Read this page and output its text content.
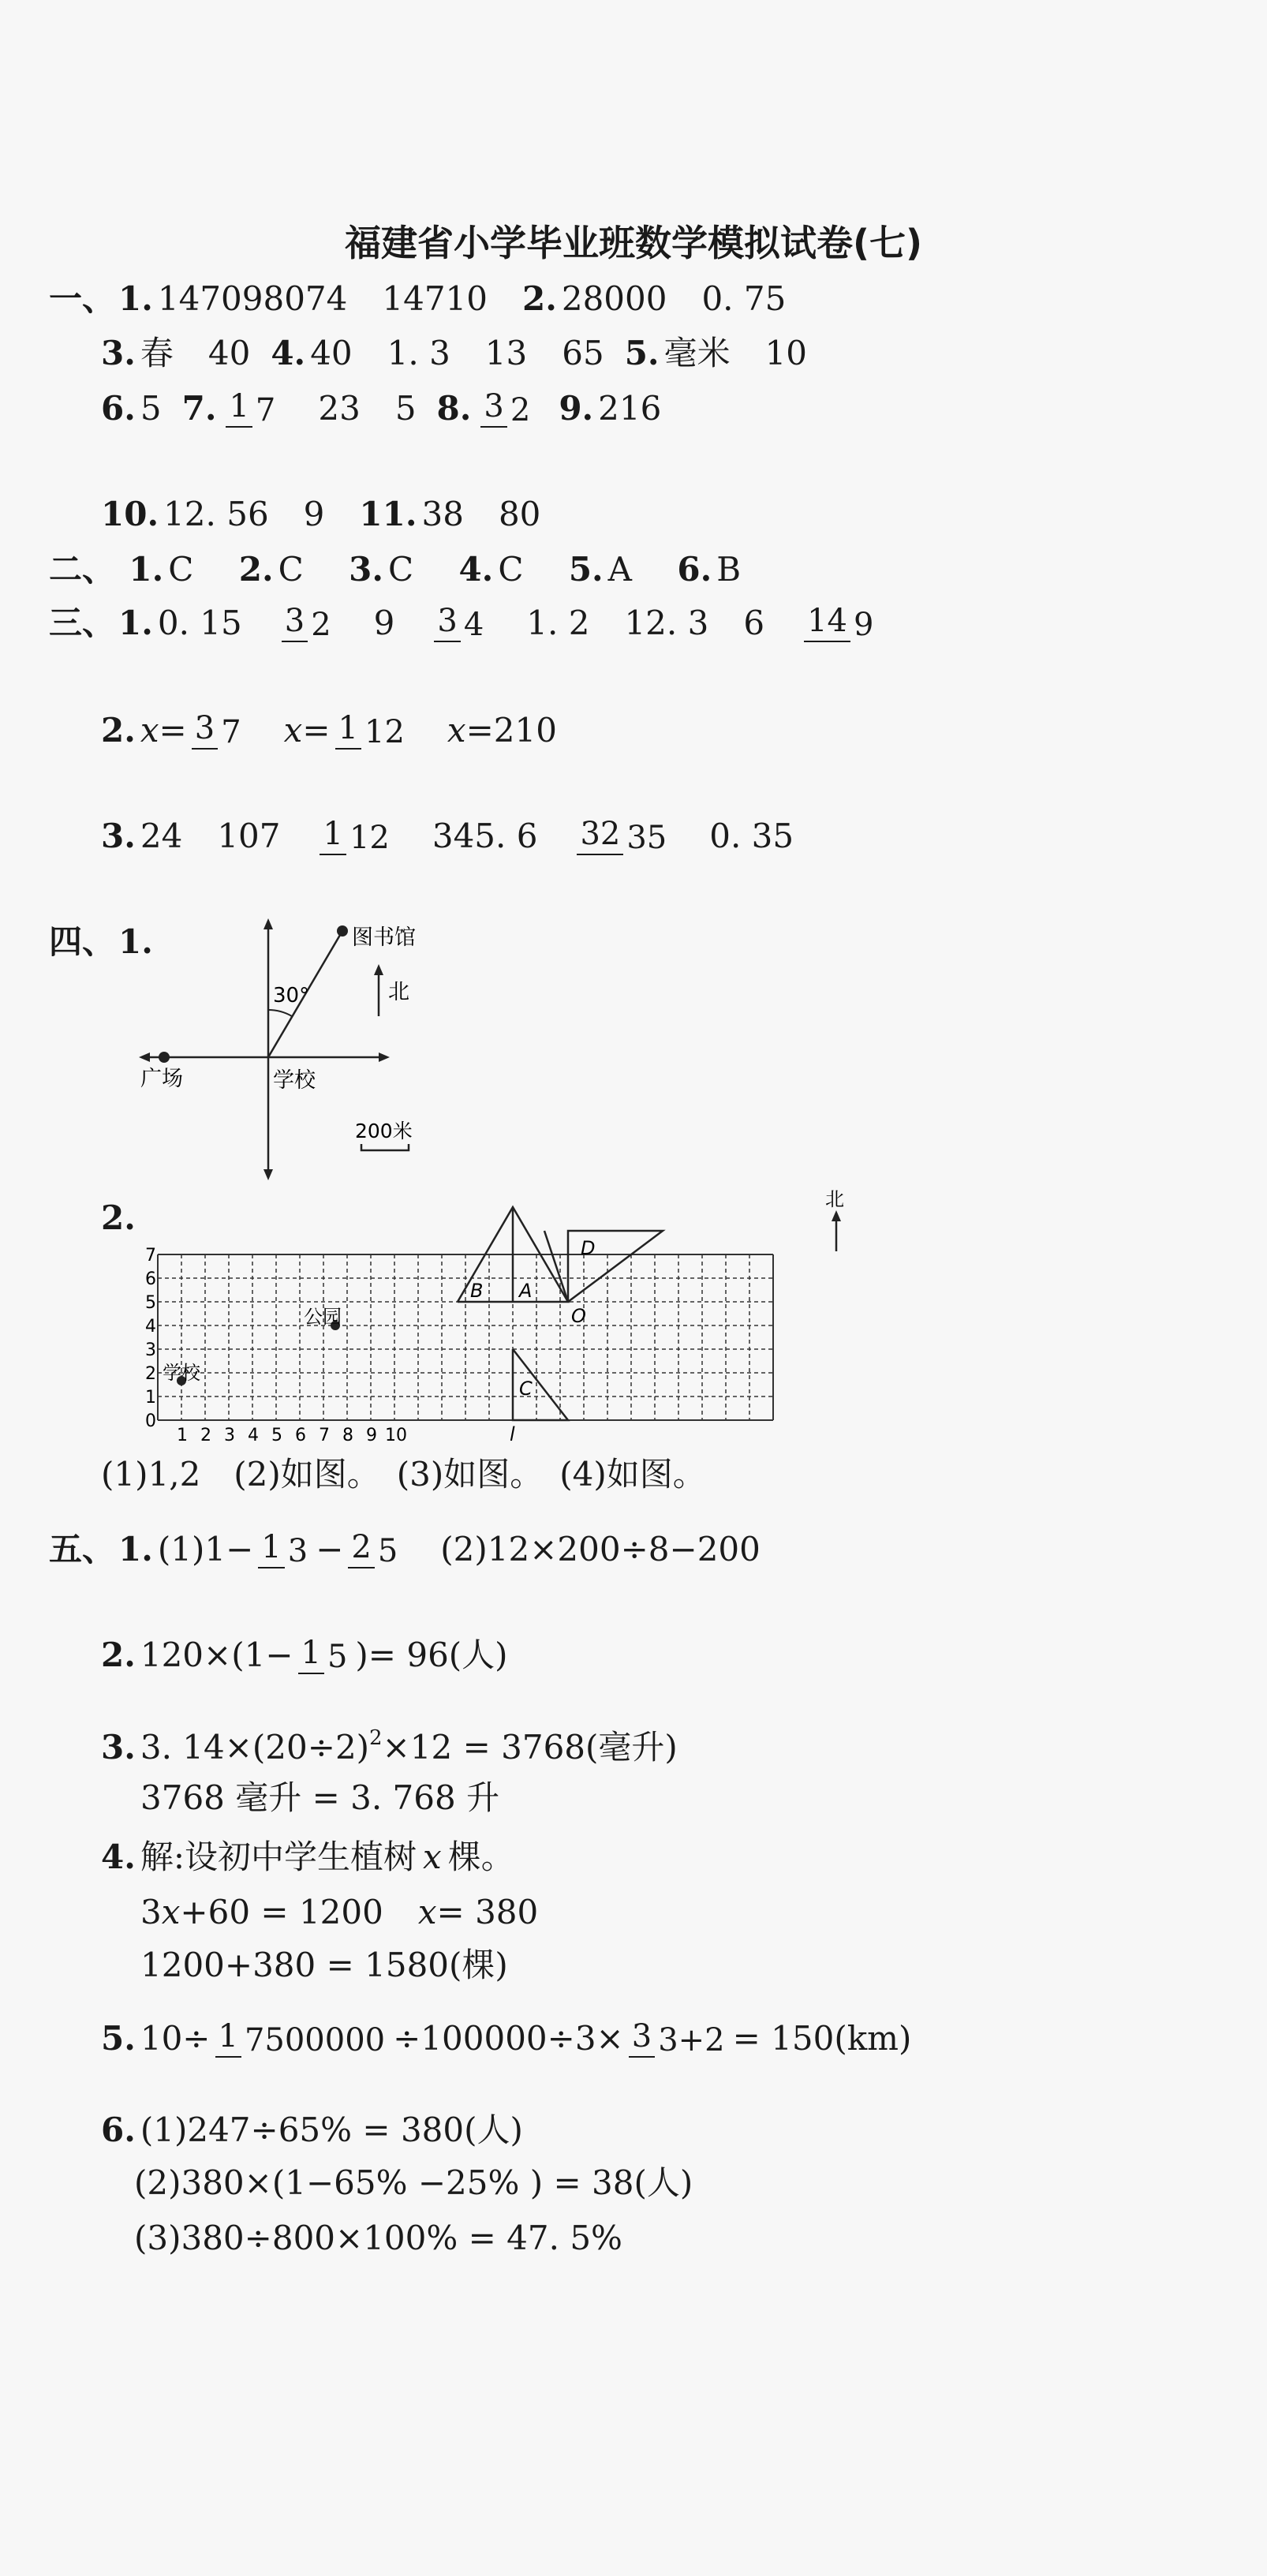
福建省小学毕业班数学模拟试卷(七)
一、1. 147098074 14710 2. 28000 0. 75
3. 春 40 4. 40 1. 3 13 65 5. 毫米 10
6. 5 7. 1 7 23 5 8. 3 2 9. 216
10. 12. 56 9 11. 38 80
二、 1. C 2. C 3. C 4. C 5. A 6. B
三、1. 0. 15 3 2 9 3 4 1. 2 12. 3 6 14 9
2. x= 3 7 x= 1 12 x=210
3. 24 107 1 12 345. 6 32 35 0. 35
四、1.	图书馆
30°	北
广场	学校
200米
2.
0
1
2
3
4
5
6
7
1 2 3 4 5 6 7 8 9 10
北
公园
学校
B A
D
O
C
l
(1)1,2　(2)如图。　(3)如图。　(4)如图。
五、1. (1)1− 1 3 − 2 5 (2)12×200÷8−200
2. 120×(1− 1 5 )= 96(人)
3. 3. $14\times(20\div 2)^2\times 12 = 3768$(毫升)
3768 毫升 = 3. 768 升
4. 解:设初中学生植树 x 棵。
3x+60 = 1200 x= 380
1200+380 = 1580(棵)
5. 10÷ 1 7500000 ÷100000÷3× 3 3+2 = 150(km)
6. (1)247÷65% = 380(人)
(2)380×(1−65% −25% ) = 38(人)
(3)380÷800×100% = 47. 5%
